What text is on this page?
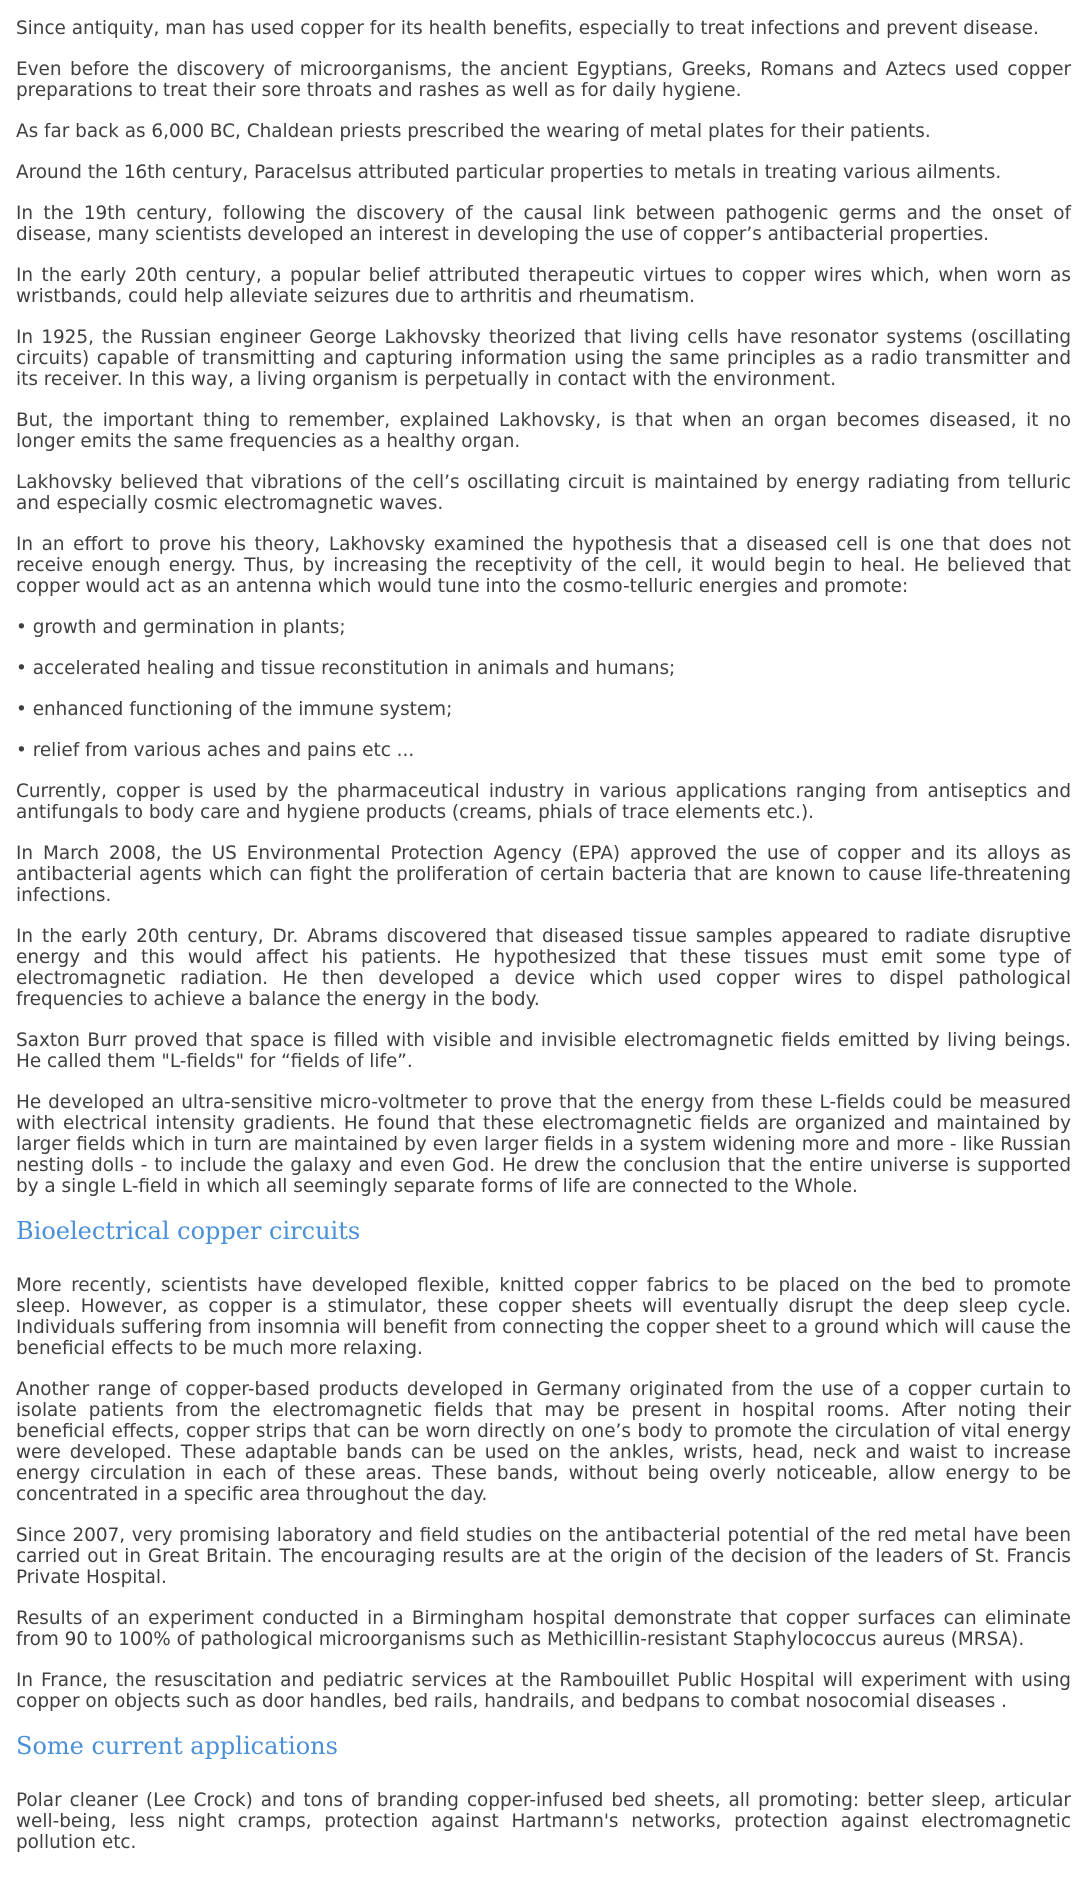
Since antiquity, man has used copper for its health benefits, especially to treat infections and prevent disease.

Even before the discovery of microorganisms, the ancient Egyptians, Greeks, Romans and Aztecs used copper preparations to treat their sore throats and rashes as well as for daily hygiene.

As far back as 6,000 BC, Chaldean priests prescribed the wearing of metal plates for their patients.

Around the 16th century, Paracelsus attributed particular properties to metals in treating various ailments.

In the 19th century, following the discovery of the causal link between pathogenic germs and the onset of disease, many scientists developed an interest in developing the use of copper’s antibacterial properties.

In the early 20th century, a popular belief attributed therapeutic virtues to copper wires which, when worn as wristbands, could help alleviate seizures due to arthritis and rheumatism.

In 1925, the Russian engineer George Lakhovsky theorized that living cells have resonator systems (oscillating circuits) capable of transmitting and capturing information using the same principles as a radio transmitter and its receiver. In this way, a living organism is perpetually in contact with the environment.

But, the important thing to remember, explained Lakhovsky, is that when an organ becomes diseased, it no longer emits the same frequencies as a healthy organ.

Lakhovsky believed that vibrations of the cell’s oscillating circuit is maintained by energy radiating from telluric and especially cosmic electromagnetic waves.

In an effort to prove his theory, Lakhovsky examined the hypothesis that a diseased cell is one that does not receive enough energy. Thus, by increasing the receptivity of the cell, it would begin to heal. He believed that copper would act as an antenna which would tune into the cosmo-telluric energies and promote:

• growth and germination in plants;

• accelerated healing and tissue reconstitution in animals and humans;

• enhanced functioning of the immune system;

• relief from various aches and pains etc ...

Currently, copper is used by the pharmaceutical industry in various applications ranging from antiseptics and antifungals to body care and hygiene products (creams, phials of trace elements etc.).

In March 2008, the US Environmental Protection Agency (EPA) approved the use of copper and its alloys as antibacterial agents which can fight the proliferation of certain bacteria that are known to cause life-threatening infections.

In the early 20th century, Dr. Abrams discovered that diseased tissue samples appeared to radiate disruptive energy and this would affect his patients. He hypothesized that these tissues must emit some type of electromagnetic radiation. He then developed a device which used copper wires to dispel pathological frequencies to achieve a balance the energy in the body.

Saxton Burr proved that space is filled with visible and invisible electromagnetic fields emitted by living beings. He called them "L-fields" for “fields of life”.

He developed an ultra-sensitive micro-voltmeter to prove that the energy from these L-fields could be measured with electrical intensity gradients. He found that these electromagnetic fields are organized and maintained by larger fields which in turn are maintained by even larger fields in a system widening more and more - like Russian nesting dolls - to include the galaxy and even God. He drew the conclusion that the entire universe is supported by a single L-field in which all seemingly separate forms of life are connected to the Whole.

Bioelectrical copper circuits

More recently, scientists have developed flexible, knitted copper fabrics to be placed on the bed to promote sleep. However, as copper is a stimulator, these copper sheets will eventually disrupt the deep sleep cycle. Individuals suffering from insomnia will benefit from connecting the copper sheet to a ground which will cause the beneficial effects to be much more relaxing.

Another range of copper-based products developed in Germany originated from the use of a copper curtain to isolate patients from the electromagnetic fields that may be present in hospital rooms. After noting their beneficial effects, copper strips that can be worn directly on one’s body to promote the circulation of vital energy were developed. These adaptable bands can be used on the ankles, wrists, head, neck and waist to increase energy circulation in each of these areas. These bands, without being overly noticeable, allow energy to be concentrated in a specific area throughout the day.

Since 2007, very promising laboratory and field studies on the antibacterial potential of the red metal have been carried out in Great Britain. The encouraging results are at the origin of the decision of the leaders of St. Francis Private Hospital.

Results of an experiment conducted in a Birmingham hospital demonstrate that copper surfaces can eliminate from 90 to 100% of pathological microorganisms such as Methicillin-resistant Staphylococcus aureus (MRSA).

In France, the resuscitation and pediatric services at the Rambouillet Public Hospital will experiment with using copper on objects such as door handles, bed rails, handrails, and bedpans to combat nosocomial diseases .

Some current applications

Polar cleaner (Lee Crock) and tons of branding copper-infused bed sheets, all promoting: better sleep, articular well-being, less night cramps, protection against Hartmann's networks, protection against electromagnetic pollution etc.
